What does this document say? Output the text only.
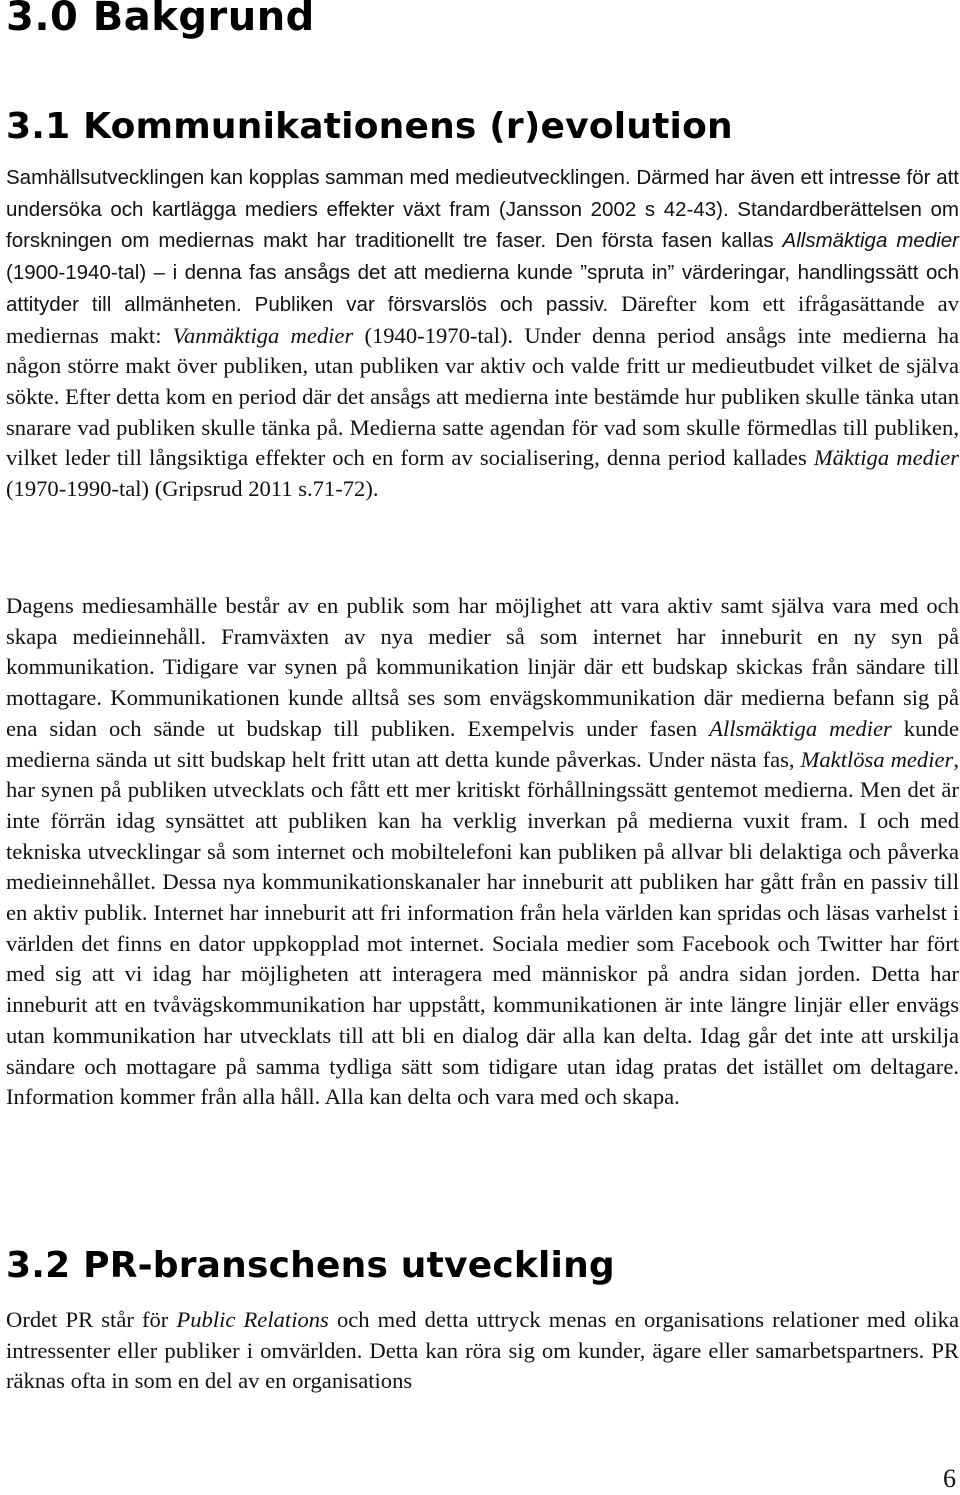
3.0 Bakgrund
3.1 Kommunikationens (r)evolution

Samhällsutvecklingen kan kopplas samman med medieutvecklingen. Därmed har även ett intresse för att undersöka och kartlägga mediers effekter växt fram (Jansson 2002 s 42-43). Standardberättelsen om forskningen om mediernas makt har traditionellt tre faser. Den första fasen kallas Allsmäktiga medier (1900-1940-tal) – i denna fas ansågs det att medierna kunde ”spruta in” värderingar, handlingssätt och attityder till allmänheten. Publiken var försvarslös och passiv. Därefter kom ett ifrågasättande av mediernas makt: Vanmäktiga medier (1940-1970-tal). Under denna period ansågs inte medierna ha någon större makt över publiken, utan publiken var aktiv och valde fritt ur medieutbudet vilket de själva sökte. Efter detta kom en period där det ansågs att medierna inte bestämde hur publiken skulle tänka utan snarare vad publiken skulle tänka på. Medierna satte agendan för vad som skulle förmedlas till publiken, vilket leder till långsiktiga effekter och en form av socialisering, denna period kallades Mäktiga medier (1970-1990-tal) (Gripsrud 2011 s.71-72).

Dagens mediesamhälle består av en publik som har möjlighet att vara aktiv samt själva vara med och skapa medieinnehåll. Framväxten av nya medier så som internet har inneburit en ny syn på kommunikation. Tidigare var synen på kommunikation linjär där ett budskap skickas från sändare till mottagare. Kommunikationen kunde alltså ses som envägskommunikation där medierna befann sig på ena sidan och sände ut budskap till publiken. Exempelvis under fasen Allsmäktiga medier kunde medierna sända ut sitt budskap helt fritt utan att detta kunde påverkas. Under nästa fas, Maktlösa medier, har synen på publiken utvecklats och fått ett mer kritiskt förhållningssätt gentemot medierna. Men det är inte förrän idag synsättet att publiken kan ha verklig inverkan på medierna vuxit fram. I och med tekniska utvecklingar så som internet och mobiltelefoni kan publiken på allvar bli delaktiga och påverka medieinnehållet. Dessa nya kommunikationskanaler har inneburit att publiken har gått från en passiv till en aktiv publik. Internet har inneburit att fri information från hela världen kan spridas och läsas varhelst i världen det finns en dator uppkopplad mot internet. Sociala medier som Facebook och Twitter har fört med sig att vi idag har möjligheten att interagera med människor på andra sidan jorden. Detta har inneburit att en tvåvägskommunikation har uppstått, kommunikationen är inte längre linjär eller envägs utan kommunikation har utvecklats till att bli en dialog där alla kan delta. Idag går det inte att urskilja sändare och mottagare på samma tydliga sätt som tidigare utan idag pratas det istället om deltagare. Information kommer från alla håll. Alla kan delta och vara med och skapa.

3.2 PR-branschens utveckling

Ordet PR står för Public Relations och med detta uttryck menas en organisations relationer med olika intressenter eller publiker i omvärlden. Detta kan röra sig om kunder, ägare eller samarbetspartners. PR räknas ofta in som en del av en organisations

6
